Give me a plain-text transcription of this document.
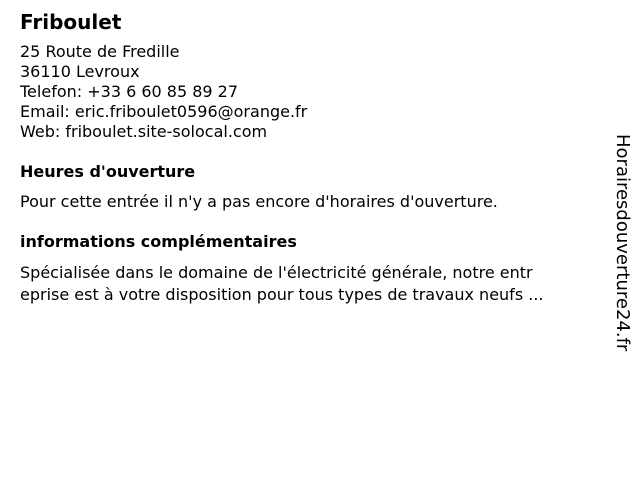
Friboulet
25 Route de Fredille
36110 Levroux
Telefon: +33 6 60 85 89 27
Email: eric.friboulet0596@orange.fr
Web: friboulet.site-solocal.com
Heures d'ouverture
Pour cette entrée il n'y a pas encore d'horaires d'ouverture.
informations complémentaires
Spécialisée dans le domaine de l'électricité générale, notre entr
eprise est à votre disposition pour tous types de travaux neufs ...	Horairesdouverture24.fr
